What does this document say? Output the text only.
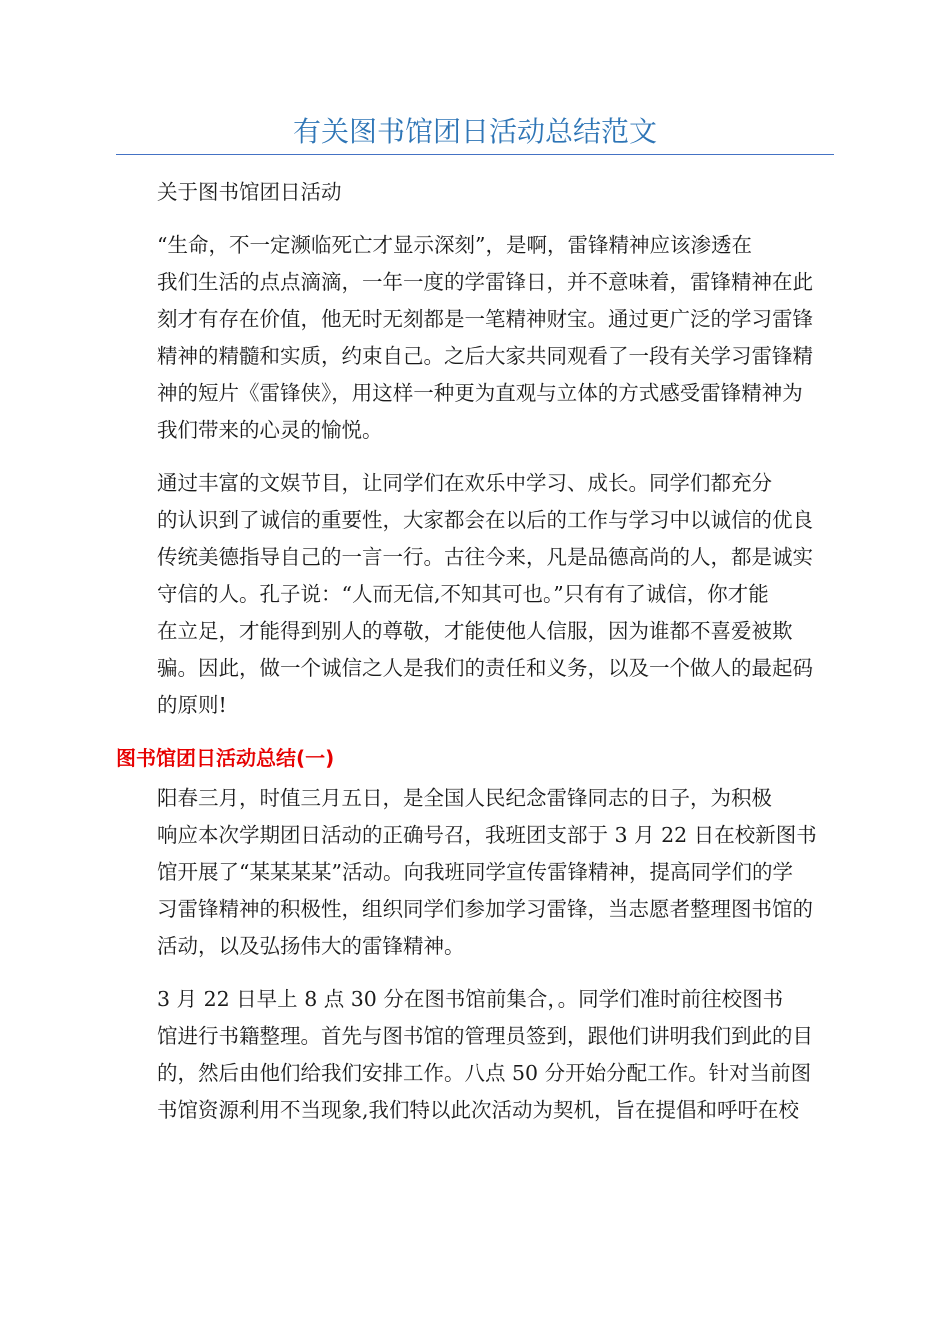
有关图书馆团日活动总结范文

关于图书馆团日活动

“生命，不一定濒临死亡才显示深刻”，是啊，雷锋精神应该渗透在
我们生活的点点滴滴，一年一度的学雷锋日，并不意味着，雷锋精神在此
刻才有存在价值，他无时无刻都是一笔精神财宝。通过更广泛的学习雷锋
精神的精髓和实质，约束自己。之后大家共同观看了一段有关学习雷锋精
神的短片《雷锋侠》，用这样一种更为直观与立体的方式感受雷锋精神为
我们带来的心灵的愉悦。

通过丰富的文娱节目，让同学们在欢乐中学习、成长。同学们都充分
的认识到了诚信的重要性，大家都会在以后的工作与学习中以诚信的优良
传统美德指导自己的一言一行。古往今来，凡是品德高尚的人，都是诚实
守信的人。孔子说：“人而无信,不知其可也。”只有有了诚信，你才能
在立足，才能得到别人的尊敬，才能使他人信服，因为谁都不喜爱被欺
骗。因此，做一个诚信之人是我们的责任和义务，以及一个做人的最起码
的原则!

图书馆团日活动总结(一)

阳春三月，时值三月五日，是全国人民纪念雷锋同志的日子，为积极
响应本次学期团日活动的正确号召，我班团支部于 3 月 22 日在校新图书
馆开展了“某某某某”活动。向我班同学宣传雷锋精神，提高同学们的学
习雷锋精神的积极性，组织同学们参加学习雷锋，当志愿者整理图书馆的
活动，以及弘扬伟大的雷锋精神。

3 月 22 日早上 8 点 30 分在图书馆前集合，。同学们准时前往校图书
馆进行书籍整理。首先与图书馆的管理员签到，跟他们讲明我们到此的目
的，然后由他们给我们安排工作。八点 50 分开始分配工作。针对当前图
书馆资源利用不当现象,我们特以此次活动为契机，旨在提倡和呼吁在校
